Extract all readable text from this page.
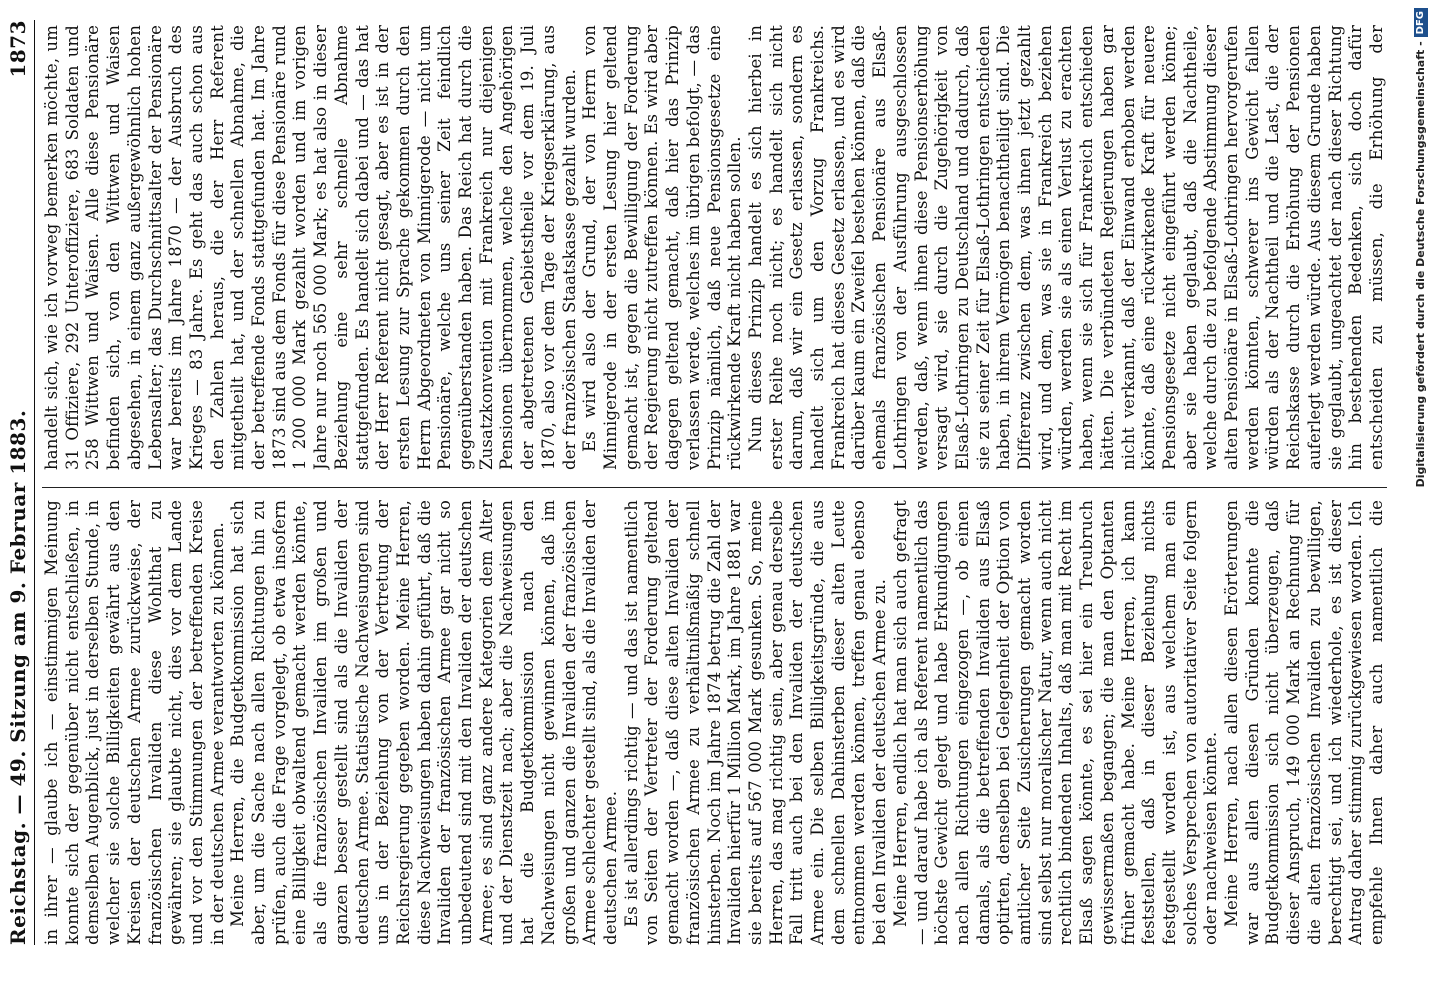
Reichstag. — 49. Sitzung am 9. Februar 1883.
1873

in ihrer — glaube ich — einstimmigen Meinung konnte sich der gegenüber nicht entschließen, in demselben Augenblick, just in derselben Stunde, in welcher sie solche Billigkeiten gewährt aus den Kreisen der deutschen Armee zurückweise, der französischen Invaliden diese Wohlthat zu gewähren; sie glaubte nicht, dies vor dem Lande und vor den Stimmungen der betreffenden Kreise in der deutschen Armee verantworten zu können. Meine Herren, die Budgetkommission hat sich aber, um die Sache nach allen Richtungen hin zu prüfen, auch die Frage vorgelegt, ob etwa insofern eine Billigkeit obwaltend gemacht werden könnte, als die französischen Invaliden im großen und ganzen besser gestellt sind als die Invaliden der deutschen Armee. Statistische Nachweisungen sind uns in der Beziehung von der Vertretung der Reichsregierung gegeben worden. Meine Herren, diese Nachweisungen haben dahin geführt, daß die Invaliden der französischen Armee gar nicht so unbedeutend sind mit den Invaliden der deutschen Armee; es sind ganz andere Kategorien dem Alter und der Dienstzeit nach; aber die Nachweisungen hat die Budgetkommission nach den Nachweisungen nicht gewinnen können, daß im großen und ganzen die Invaliden der französischen Armee schlechter gestellt sind, als die Invaliden der deutschen Armee. Es ist allerdings richtig — und das ist namentlich von Seiten der Vertreter der Forderung geltend gemacht worden —, daß diese alten Invaliden der französischen Armee zu verhältnißmäßig schnell hinsterben. Noch im Jahre 1874 betrug die Zahl der Invaliden hierfür 1 Million Mark, im Jahre 1881 war sie bereits auf 567 000 Mark gesunken. So, meine Herren, das mag richtig sein, aber genau derselbe Fall tritt auch bei den Invaliden der deutschen Armee ein. Die selben Billigkeitsgründe, die aus dem schnellen Dahinsterben dieser alten Leute entnommen werden können, treffen genau ebenso bei den Invaliden der deutschen Armee zu. Meine Herren, endlich hat man sich auch gefragt — und darauf habe ich als Referent namentlich das höchste Gewicht gelegt und habe Erkundigungen nach allen Richtungen eingezogen —, ob einen damals, als die betreffenden Invaliden aus Elsaß optirten, denselben bei Gelegenheit der Option von amtlicher Seite Zusicherungen gemacht worden sind selbst nur moralischer Natur, wenn auch nicht rechtlich bindenden Inhalts, daß man mit Recht im Elsaß sagen könnte, es sei hier ein Treubruch gewissermaßen begangen; die man den Optanten früher gemacht habe. Meine Herren, ich kann feststellen, daß in dieser Beziehung nichts festgestellt worden ist, aus welchem man ein solches Versprechen von autoritativer Seite folgern oder nachweisen könnte. Meine Herren, nach allen diesen Erörterungen war aus allen diesen Gründen konnte die Budgetkommission sich nicht überzeugen, daß dieser Anspruch, 149 000 Mark an Rechnung für die alten französischen Invaliden zu bewilligen, berechtigt sei, und ich wiederhole, es ist dieser Antrag daher stimmig zurückgewiesen worden. Ich empfehle Ihnen daher auch namentlich die

handelt sich, wie ich vorweg bemerken möchte, um 31 Offiziere, 292 Unteroffiziere, 683 Soldaten und 258 Wittwen und Waisen. Alle diese Pensionäre befinden sich, von den Wittwen und Waisen abgesehen, in einem ganz außergewöhnlich hohen Lebensalter; das Durchschnittsalter der Pensionäre war bereits im Jahre 1870 — der Ausbruch des Krieges — 83 Jahre. Es geht das auch schon aus den Zahlen heraus, die der Herr Referent mitgetheilt hat, und der schnellen Abnahme, die der betreffende Fonds stattgefunden hat. Im Jahre 1873 sind aus dem Fonds für diese Pensionäre rund 1 200 000 Mark gezahlt worden und im vorigen Jahre nur noch 565 000 Mark; es hat also in dieser Beziehung eine sehr schnelle Abnahme stattgefunden. Es handelt sich dabei und — das hat der Herr Referent nicht gesagt, aber es ist in der ersten Lesung zur Sprache gekommen durch den Herrn Abgeordneten von Minnigerode — nicht um Pensionäre, welche uns seiner Zeit feindlich gegenüberstanden haben. Das Reich hat durch die Zusatzkonvention mit Frankreich nur diejenigen Pensionen übernommen, welche den Angehörigen der abgetretenen Gebietstheile vor dem 19. Juli 1870, also vor dem Tage der Kriegserklärung, aus der französischen Staatskasse gezahlt wurden. Es wird also der Grund, der von Herrn von Minnigerode in der ersten Lesung hier geltend gemacht ist, gegen die Bewilligung der Forderung der Regierung nicht zutreffen können. Es wird aber dagegen geltend gemacht, daß hier das Prinzip verlassen werde, welches im übrigen befolgt, — das Prinzip nämlich, daß neue Pensionsgesetze eine rückwirkende Kraft nicht haben sollen. Nun dieses Prinzip handelt es sich hierbei in erster Reihe noch nicht; es handelt sich nicht darum, daß wir ein Gesetz erlassen, sondern es handelt sich um den Vorzug Frankreichs. Frankreich hat dieses Gesetz erlassen, und es wird darüber kaum ein Zweifel bestehen können, daß die ehemals französischen Pensionäre aus Elsaß-Lothringen von der Ausführung ausgeschlossen werden, daß, wenn ihnen diese Pensionserhöhung versagt wird, sie durch die Zugehörigkeit von Elsaß-Lothringen zu Deutschland und dadurch, daß sie zu seiner Zeit für Elsaß-Lothringen entschieden haben, in ihrem Vermögen benachtheiligt sind. Die Differenz zwischen dem, was ihnen jetzt gezahlt wird, und dem, was sie in Frankreich beziehen würden, werden sie als einen Verlust zu erachten haben, wenn sie sich für Frankreich entschieden hätten. Die verbündeten Regierungen haben gar nicht verkannt, daß der Einwand erhoben werden könnte, daß eine rückwirkende Kraft für neuere Pensionsgesetze nicht eingeführt werden könne; aber sie haben geglaubt, daß die Nachtheile, welche durch die zu befolgende Abstimmung dieser alten Pensionäre in Elsaß-Lothringen hervorgerufen werden könnten, schwerer ins Gewicht fallen würden als der Nachtheil und die Last, die der Reichskasse durch die Erhöhung der Pensionen auferlegt werden würde. Aus diesem Grunde haben sie geglaubt, ungeachtet der nach dieser Richtung hin bestehenden Bedenken, sich doch dafür entscheiden zu müssen, die Erhöhung der

Digitalisierung gefördert durch die Deutsche Forschungsgemeinschaft -DFG
